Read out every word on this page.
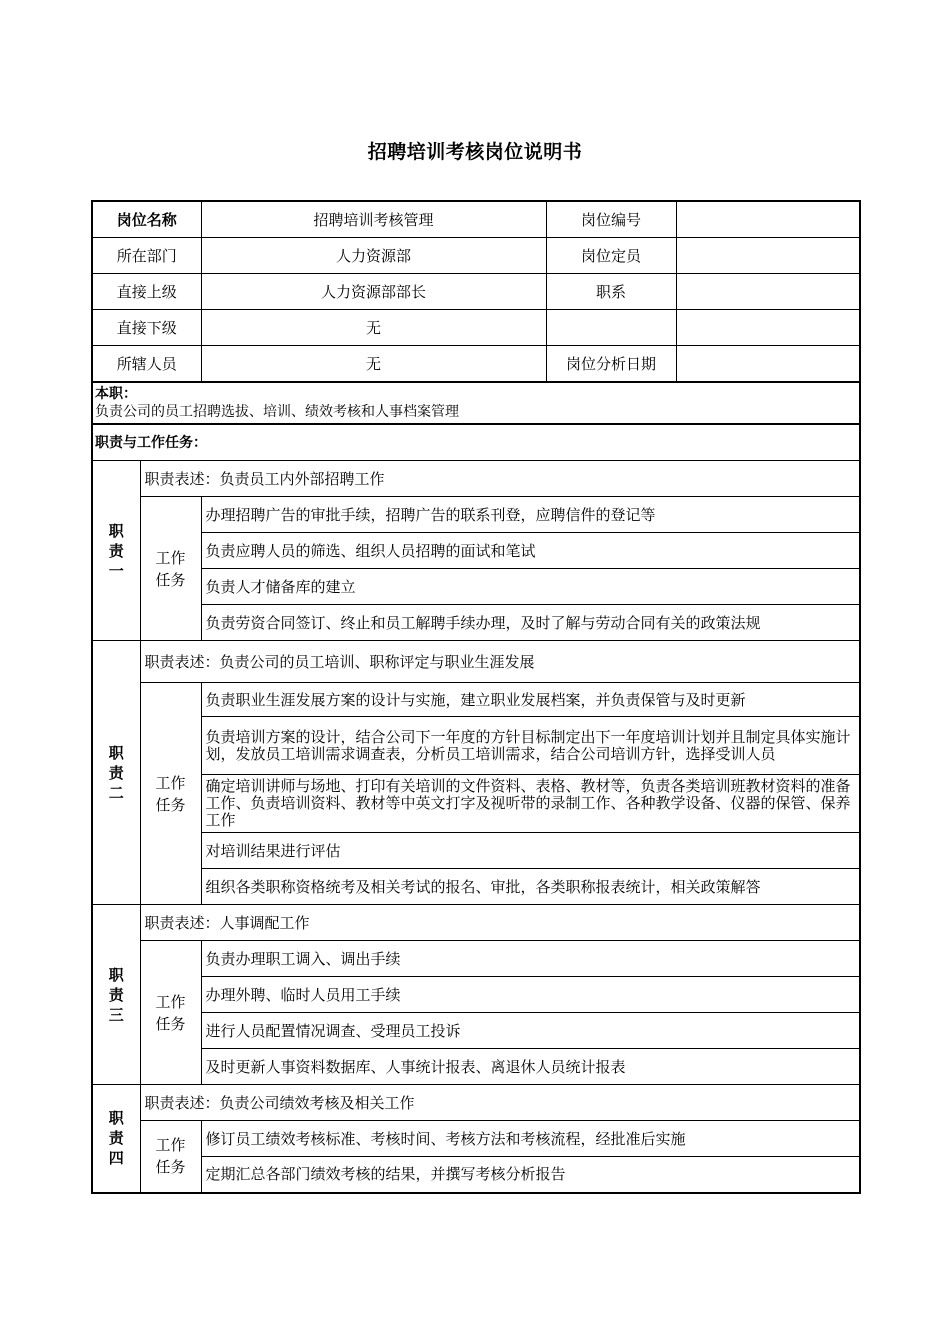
招聘培训考核岗位说明书
岗位名称		招聘培训考核管理	岗位编号	
所在部门		人力资源部	岗位定员	
直接上级		人力资源部部长	职系	
直接下级		无		
所辖人员		无	岗位分析日期	

本职：
负责公司的员工招聘选拔、培训、绩效考核和人事档案管理				

职责与工作任务：				

职责一	职责表述：负责员工内外部招聘工作			

	工作任务	办理招聘广告的审批手续，招聘广告的联系刊登，应聘信件的登记等		
		负责应聘人员的筛选、组织人员招聘的面试和笔试		
		负责人才储备库的建立		
		负责劳资合同签订、终止和员工解聘手续办理，及时了解与劳动合同有关的政策法规		

职责二	职责表述：负责公司的员工培训、职称评定与职业生涯发展			

	工作任务	负责职业生涯发展方案的设计与实施，建立职业发展档案，并负责保管与及时更新		
		负责培训方案的设计，结合公司下一年度的方针目标制定出下一年度培训计划并且制定具体实施计划，发放员工培训需求调查表，分析员工培训需求，结合公司培训方针，选择受训人员		
		确定培训讲师与场地、打印有关培训的文件资料、表格、教材等，负责各类培训班教材资料的准备工作、负责培训资料、教材等中英文打字及视听带的录制工作、各种教学设备、仪器的保管、保养工作		
		对培训结果进行评估		
		组织各类职称资格统考及相关考试的报名、审批，各类职称报表统计，相关政策解答		

职责三	职责表述：人事调配工作			

	工作任务	负责办理职工调入、调出手续		
		办理外聘、临时人员用工手续		
		进行人员配置情况调查、受理员工投诉		
		及时更新人事资料数据库、人事统计报表、离退休人员统计报表		

职责四	职责表述：负责公司绩效考核及相关工作			

	工作任务	修订员工绩效考核标准、考核时间、考核方法和考核流程，经批准后实施		
		定期汇总各部门绩效考核的结果，并撰写考核分析报告		
